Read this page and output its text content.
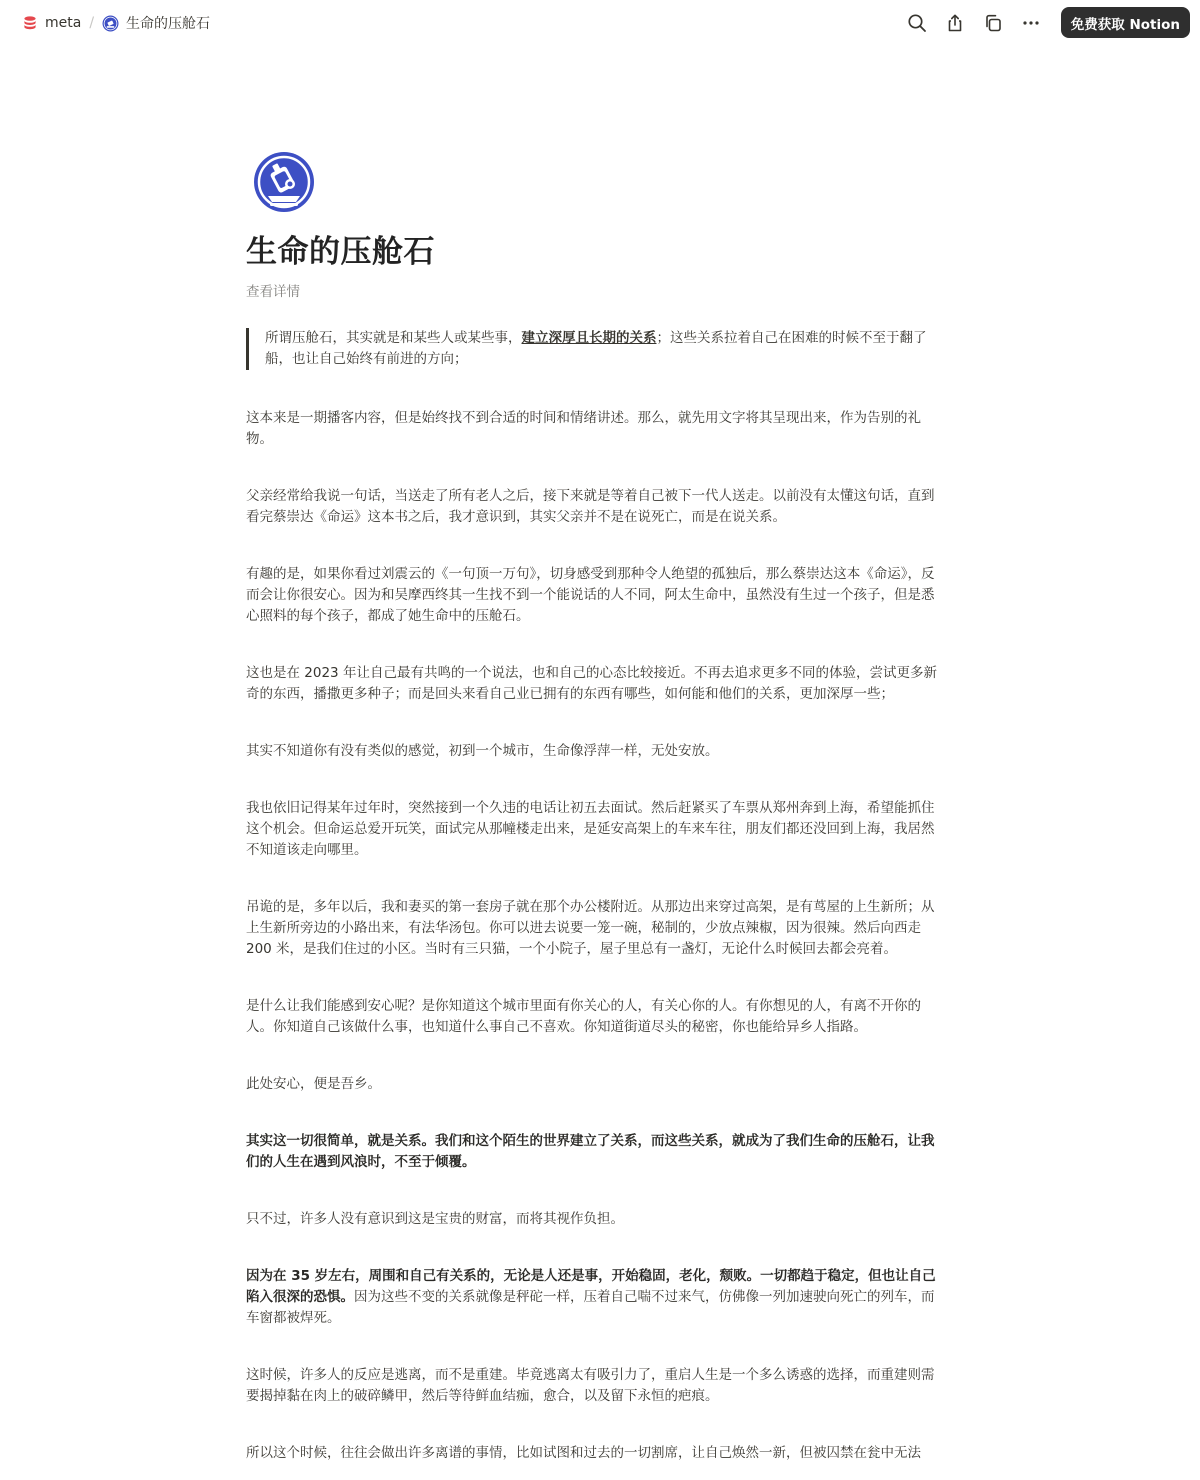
meta / 生命的压舱石	免费获取 Notion
生命的压舱石
查看详情
所谓压舱石，其实就是和某些人或某些事，建立深厚且长期的关系；这些关系拉着自己在困难的时候不至于翻了船，也让自己始终有前进的方向；
这本来是一期播客内容，但是始终找不到合适的时间和情绪讲述。那么，就先用文字将其呈现出来，作为告别的礼物。
父亲经常给我说一句话，当送走了所有老人之后，接下来就是等着自己被下一代人送走。以前没有太懂这句话，直到看完蔡崇达《命运》这本书之后，我才意识到，其实父亲并不是在说死亡，而是在说关系。
有趣的是，如果你看过刘震云的《一句顶一万句》，切身感受到那种令人绝望的孤独后，那么蔡崇达这本《命运》，反而会让你很安心。因为和吴摩西终其一生找不到一个能说话的人不同，阿太生命中，虽然没有生过一个孩子，但是悉心照料的每个孩子，都成了她生命中的压舱石。
这也是在 2023 年让自己最有共鸣的一个说法，也和自己的心态比较接近。不再去追求更多不同的体验，尝试更多新奇的东西，播撒更多种子；而是回头来看自己业已拥有的东西有哪些，如何能和他们的关系，更加深厚一些；
其实不知道你有没有类似的感觉，初到一个城市，生命像浮萍一样，无处安放。
我也依旧记得某年过年时，突然接到一个久违的电话让初五去面试。然后赶紧买了车票从郑州奔到上海，希望能抓住这个机会。但命运总爱开玩笑，面试完从那幢楼走出来，是延安高架上的车来车往，朋友们都还没回到上海，我居然不知道该走向哪里。
吊诡的是，多年以后，我和妻买的第一套房子就在那个办公楼附近。从那边出来穿过高架，是有茑屋的上生新所；从上生新所旁边的小路出来，有法华汤包。你可以进去说要一笼一碗，秘制的，少放点辣椒，因为很辣。然后向西走 200 米，是我们住过的小区。当时有三只猫，一个小院子，屋子里总有一盏灯，无论什么时候回去都会亮着。
是什么让我们能感到安心呢？是你知道这个城市里面有你关心的人，有关心你的人。有你想见的人，有离不开你的人。你知道自己该做什么事，也知道什么事自己不喜欢。你知道街道尽头的秘密，你也能给异乡人指路。
此处安心，便是吾乡。
其实这一切很简单，就是关系。我们和这个陌生的世界建立了关系，而这些关系，就成为了我们生命的压舱石，让我们的人生在遇到风浪时，不至于倾覆。
只不过，许多人没有意识到这是宝贵的财富，而将其视作负担。
因为在 35 岁左右，周围和自己有关系的，无论是人还是事，开始稳固，老化，颓败。一切都趋于稳定，但也让自己陷入很深的恐惧。因为这些不变的关系就像是秤砣一样，压着自己喘不过来气，仿佛像一列加速驶向死亡的列车，而车窗都被焊死。
这时候，许多人的反应是逃离，而不是重建。毕竟逃离太有吸引力了，重启人生是一个多么诱惑的选择，而重建则需要揭掉黏在肉上的破碎鳞甲，然后等待鲜血结痂，愈合，以及留下永恒的疤痕。
所以这个时候，往往会做出许多离谱的事情，比如试图和过去的一切割席，让自己焕然一新，但被囚禁在瓮中无法
